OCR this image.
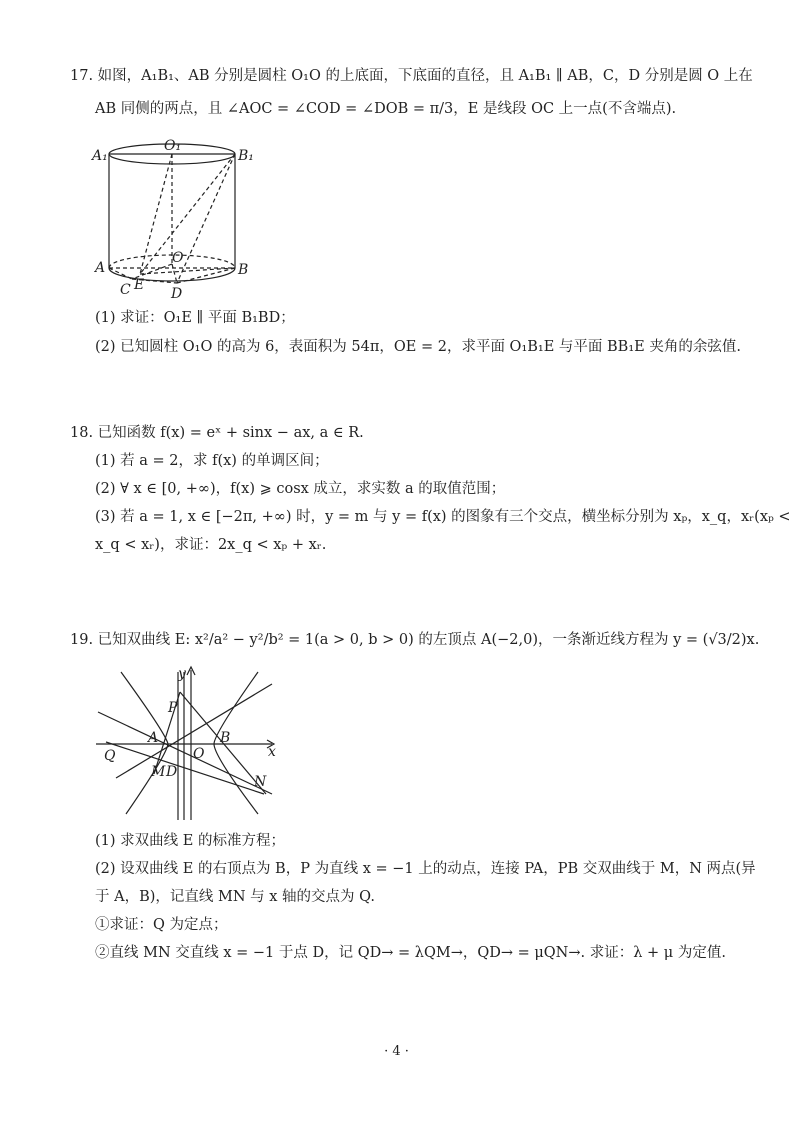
17. 如图，A₁B₁、AB 分别是圆柱 O₁O 的上底面，下底面的直径，且 A₁B₁ ∥ AB，C，D 分别是圆 O 上在
AB 同侧的两点，且 ∠AOC = ∠COD = ∠DOB = π/3，E 是线段 OC 上一点(不含端点).
A₁
O₁
B₁
A
O
B
C E
D
(1) 求证：O₁E ∥ 平面 B₁BD；
(2) 已知圆柱 O₁O 的高为 6，表面积为 54π，OE = 2，求平面 O₁B₁E 与平面 BB₁E 夹角的余弦值.
18. 已知函数 f(x) = eˣ + sinx − ax, a ∈ R.
(1) 若 a = 2，求 f(x) 的单调区间；
(2) ∀ x ∈ [0, +∞)，f(x) ⩾ cosx 成立，求实数 a 的取值范围；
(3) 若 a = 1, x ∈ [−2π, +∞) 时，y = m 与 y = f(x) 的图象有三个交点，横坐标分别为 xₚ，x_q，xᵣ(xₚ <
x_q < xᵣ)，求证：2x_q < xₚ + xᵣ.
19. 已知双曲线 E: x²/a² − y²/b² = 1(a > 0, b > 0) 的左顶点 A(−2,0)，一条渐近线方程为 y = (√3/2)x.
y
x
P
A
O
B
Q
M D
N
(1) 求双曲线 E 的标准方程；
(2) 设双曲线 E 的右顶点为 B，P 为直线 x = −1 上的动点，连接 PA，PB 交双曲线于 M，N 两点(异
于 A，B)，记直线 MN 与 x 轴的交点为 Q.
①求证：Q 为定点；
②直线 MN 交直线 x = −1 于点 D，记 QD→ = λQM→，QD→ = μQN→. 求证：λ + μ 为定值.
· 4 ·
